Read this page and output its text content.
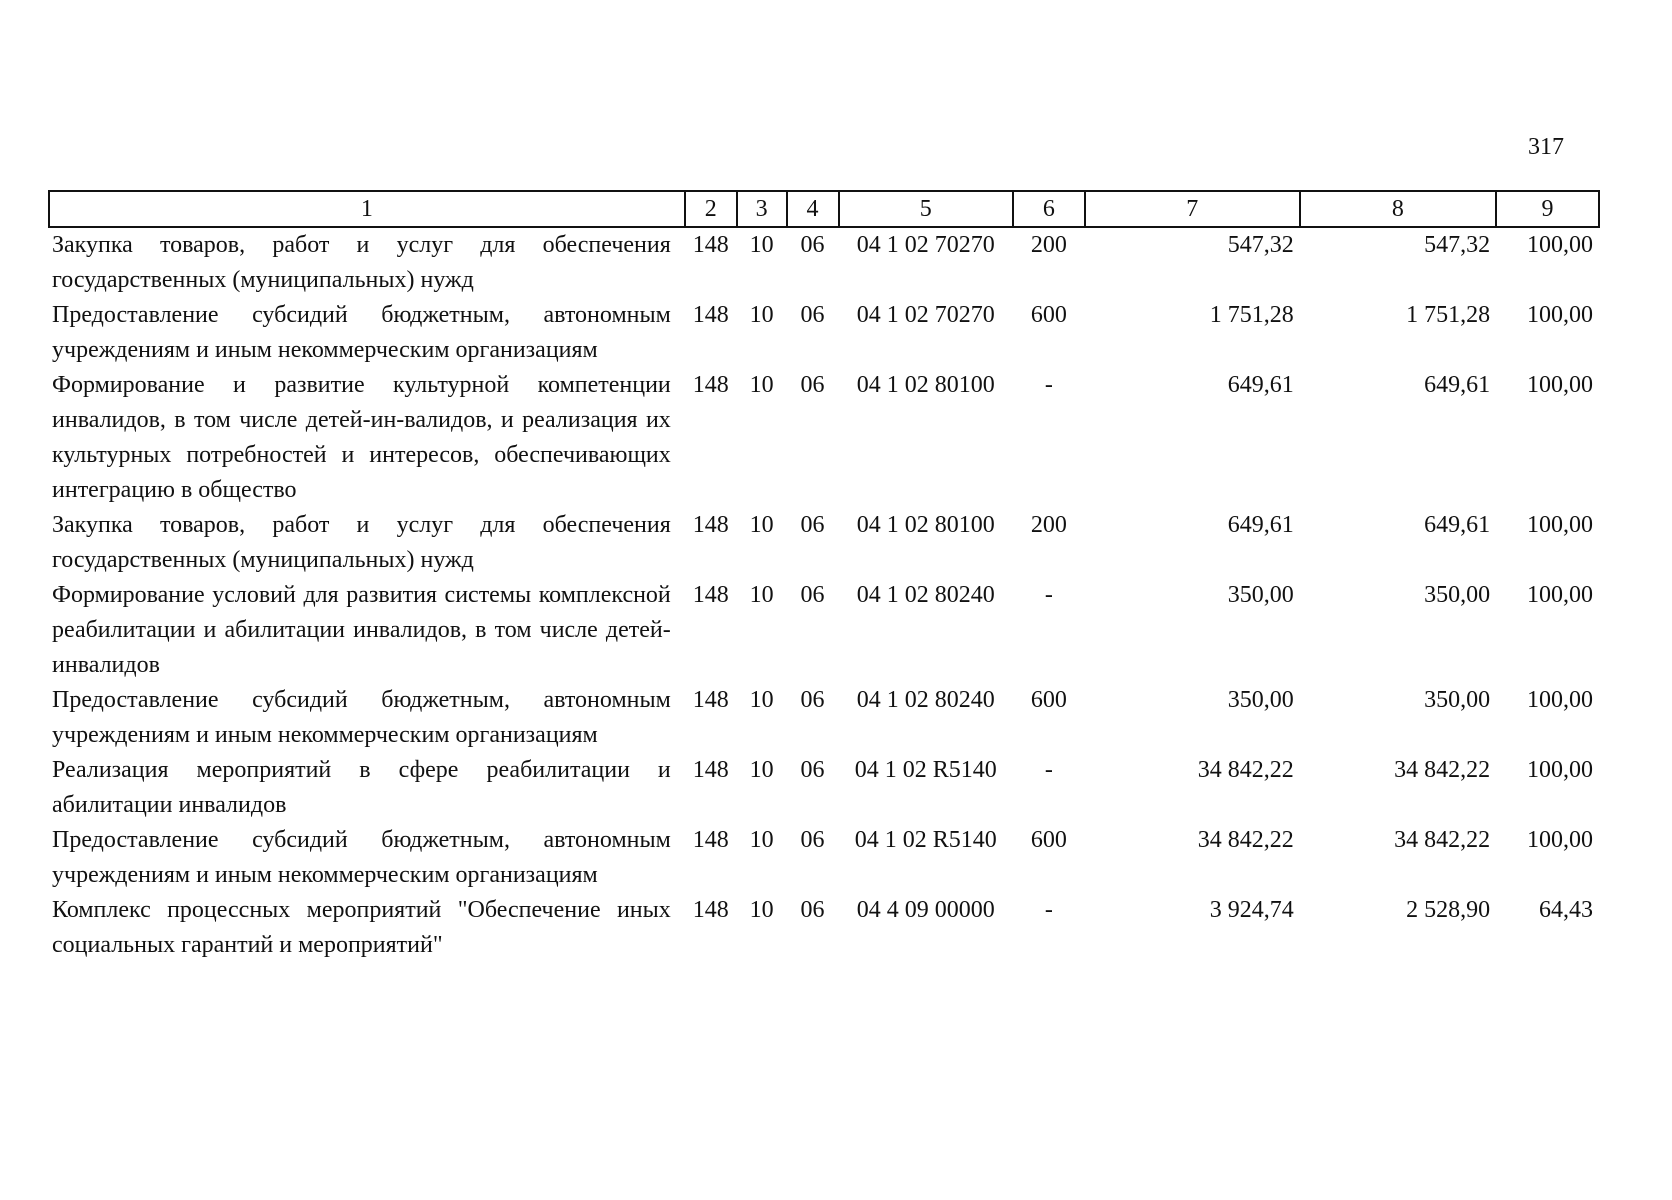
317
1	2	3	4	5	6	7	8	9
Закупка товаров, работ и услуг для обеспечения государственных (муниципальных) нужд	148	10	06	04 1 02 70270	200	547,32	547,32	100,00
Предоставление субсидий бюджетным, автономным учреждениям и иным некоммерческим организациям	148	10	06	04 1 02 70270	600	1 751,28	1 751,28	100,00
Формирование и развитие культурной компетенции инвалидов, в том числе детей-ин-валидов, и реализация их культурных потребностей и интересов, обеспечивающих интеграцию в общество	148	10	06	04 1 02 80100	-	649,61	649,61	100,00
Закупка товаров, работ и услуг для обеспечения государственных (муниципальных) нужд	148	10	06	04 1 02 80100	200	649,61	649,61	100,00
Формирование условий для развития системы комплексной реабилитации и абилитации инвалидов, в том числе детей-инвалидов	148	10	06	04 1 02 80240	-	350,00	350,00	100,00
Предоставление субсидий бюджетным, автономным учреждениям и иным некоммерческим организациям	148	10	06	04 1 02 80240	600	350,00	350,00	100,00
Реализация мероприятий в сфере реабилитации и абилитации инвалидов	148	10	06	04 1 02 R5140	-	34 842,22	34 842,22	100,00
Предоставление субсидий бюджетным, автономным учреждениям и иным некоммерческим организациям	148	10	06	04 1 02 R5140	600	34 842,22	34 842,22	100,00
Комплекс процессных мероприятий "Обеспечение иных социальных гарантий и мероприятий"	148	10	06	04 4 09 00000	-	3 924,74	2 528,90	64,43
